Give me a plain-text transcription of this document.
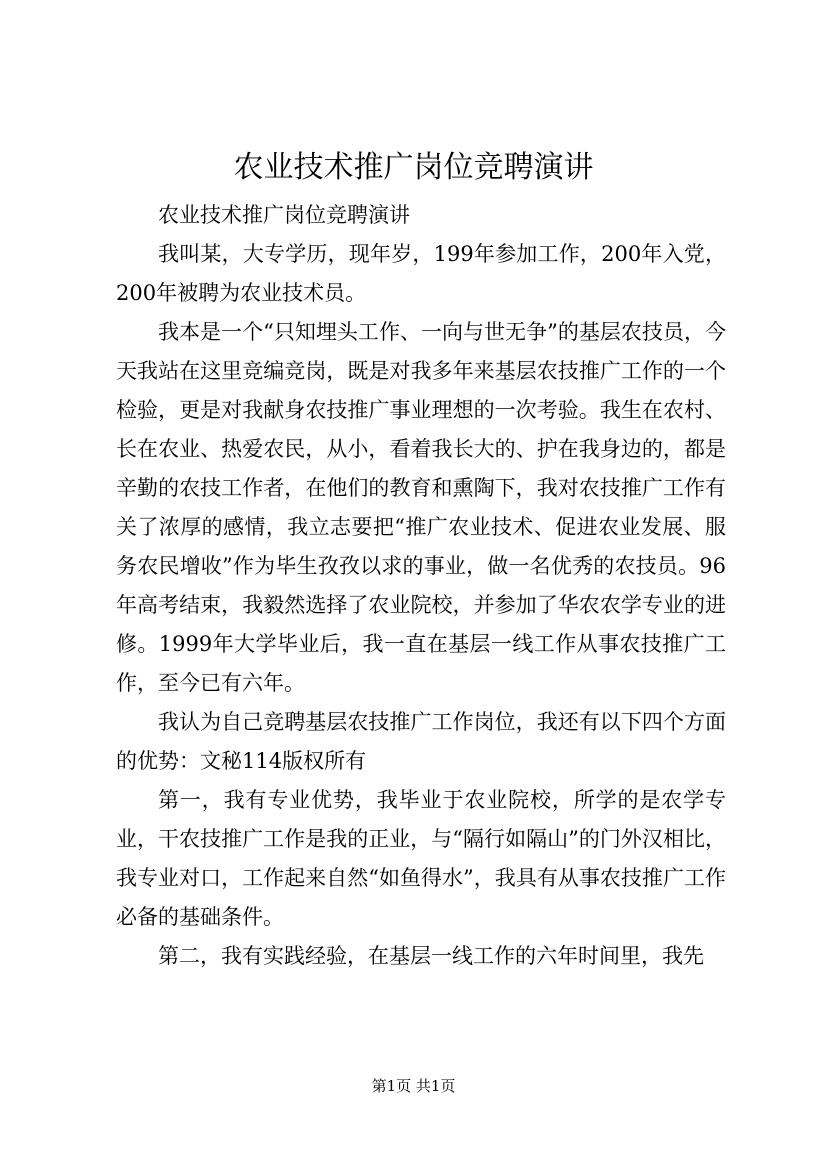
农业技术推广岗位竞聘演讲

农业技术推广岗位竞聘演讲

我叫某，大专学历，现年岁，199年参加工作，200年入党，200年被聘为农业技术员。

我本是一个“只知埋头工作、一向与世无争”的基层农技员，今天我站在这里竞编竞岗，既是对我多年来基层农技推广工作的一个检验，更是对我献身农技推广事业理想的一次考验。我生在农村、长在农业、热爱农民，从小，看着我长大的、护在我身边的，都是辛勤的农技工作者，在他们的教育和熏陶下，我对农技推广工作有关了浓厚的感情，我立志要把“推广农业技术、促进农业发展、服务农民增收”作为毕生孜孜以求的事业，做一名优秀的农技员。96年高考结束，我毅然选择了农业院校，并参加了华农农学专业的进修。1999年大学毕业后，我一直在基层一线工作从事农技推广工作，至今已有六年。

我认为自己竞聘基层农技推广工作岗位，我还有以下四个方面的优势：文秘114版权所有

第一，我有专业优势，我毕业于农业院校，所学的是农学专业，干农技推广工作是我的正业，与“隔行如隔山”的门外汉相比，我专业对口，工作起来自然“如鱼得水”，我具有从事农技推广工作必备的基础条件。

第二，我有实践经验，在基层一线工作的六年时间里，我先

第1页 共1页
